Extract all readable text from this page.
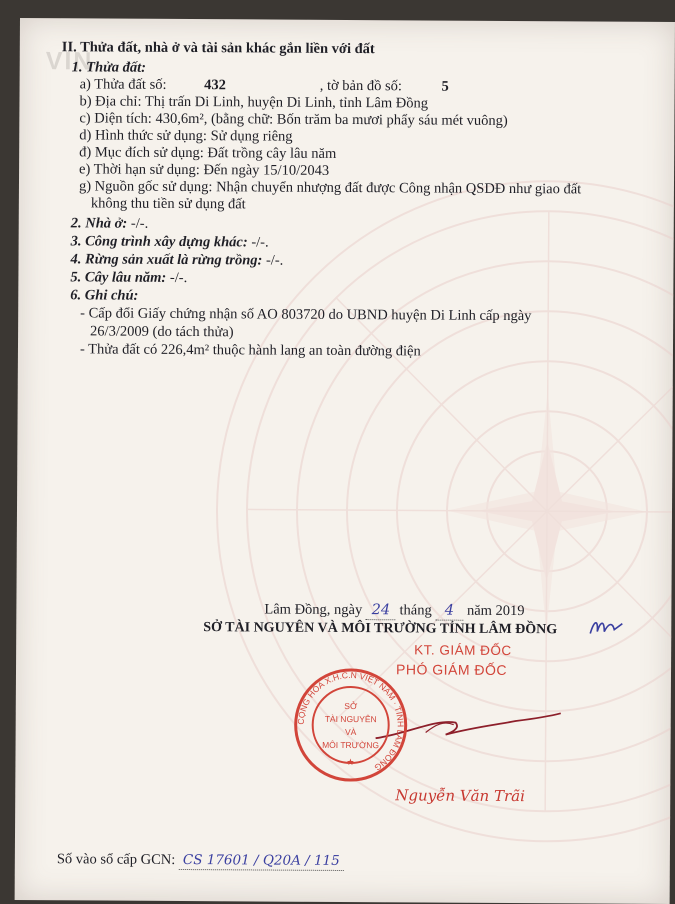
VIN
II. Thửa đất, nhà ở và tài sản khác gắn liền với đất
1. Thửa đất:
a) Thửa đất số:	432	, tờ bản đồ số:	5
b) Địa chỉ: Thị trấn Di Linh, huyện Di Linh, tỉnh Lâm Đồng
c) Diện tích: 430,6m², (bằng chữ: Bốn trăm ba mươi phẩy sáu mét vuông)
d) Hình thức sử dụng: Sử dụng riêng
đ) Mục đích sử dụng: Đất trồng cây lâu năm
e) Thời hạn sử dụng: Đến ngày 15/10/2043
g) Nguồn gốc sử dụng: Nhận chuyển nhượng đất được Công nhận QSDĐ như giao đất
không thu tiền sử dụng đất
2. Nhà ở: -/-.
3. Công trình xây dựng khác: -/-.
4. Rừng sản xuất là rừng trồng: -/-.
5. Cây lâu năm: -/-.
6. Ghi chú:
- Cấp đổi Giấy chứng nhận số AO 803720 do UBND huyện Di Linh cấp ngày
26/3/2009 (do tách thửa)
- Thửa đất có 226,4m² thuộc hành lang an toàn đường điện
Lâm Đồng, ngày 24 tháng 4 năm 2019
SỞ TÀI NGUYÊN VÀ MÔI TRƯỜNG TỈNH LÂM ĐỒNG
KT. GIÁM ĐỐC
PHÓ GIÁM ĐỐC
CỘNG HÒA X.H.C.N VIỆT NAM · TỈNH LÂM ĐỒNG
SỞ
TÀI NGUYÊN
VÀ
MÔI TRƯỜNG
★
Nguyễn Văn Trãi
Số vào sổ cấp GCN: CS 17601 / Q20A / 115
